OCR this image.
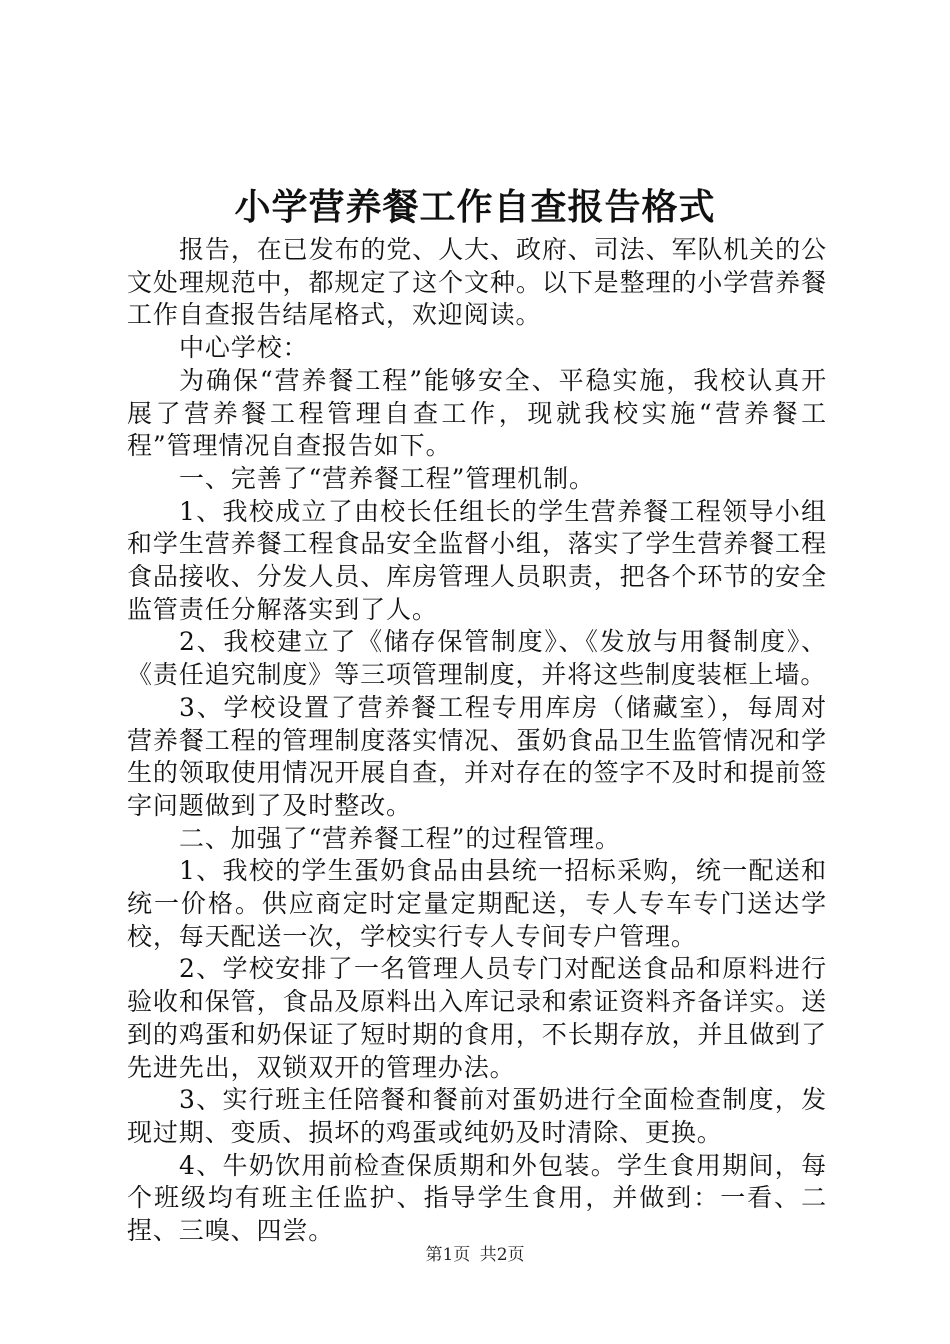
小学营养餐工作自查报告格式

报告，在已发布的党、人大、政府、司法、军队机关的公文处理规范中，都规定了这个文种。以下是整理的小学营养餐工作自查报告结尾格式，欢迎阅读。

中心学校：

为确保“营养餐工程”能够安全、平稳实施，我校认真开展了营养餐工程管理自查工作，现就我校实施“营养餐工程”管理情况自查报告如下。

一、完善了“营养餐工程”管理机制。

1、我校成立了由校长任组长的学生营养餐工程领导小组和学生营养餐工程食品安全监督小组，落实了学生营养餐工程食品接收、分发人员、库房管理人员职责，把各个环节的安全监管责任分解落实到了人。

2、我校建立了《储存保管制度》、《发放与用餐制度》、《责任追究制度》等三项管理制度，并将这些制度装框上墙。

3、学校设置了营养餐工程专用库房（储藏室），每周对营养餐工程的管理制度落实情况、蛋奶食品卫生监管情况和学生的领取使用情况开展自查，并对存在的签字不及时和提前签字问题做到了及时整改。

二、加强了“营养餐工程”的过程管理。

1、我校的学生蛋奶食品由县统一招标采购，统一配送和统一价格。供应商定时定量定期配送，专人专车专门送达学校，每天配送一次，学校实行专人专间专户管理。

2、学校安排了一名管理人员专门对配送食品和原料进行验收和保管，食品及原料出入库记录和索证资料齐备详实。送到的鸡蛋和奶保证了短时期的食用，不长期存放，并且做到了先进先出，双锁双开的管理办法。

3、实行班主任陪餐和餐前对蛋奶进行全面检查制度，发现过期、变质、损坏的鸡蛋或纯奶及时清除、更换。

4、牛奶饮用前检查保质期和外包装。学生食用期间，每个班级均有班主任监护、指导学生食用，并做到：一看、二捏、三嗅、四尝。

第1页 共2页
